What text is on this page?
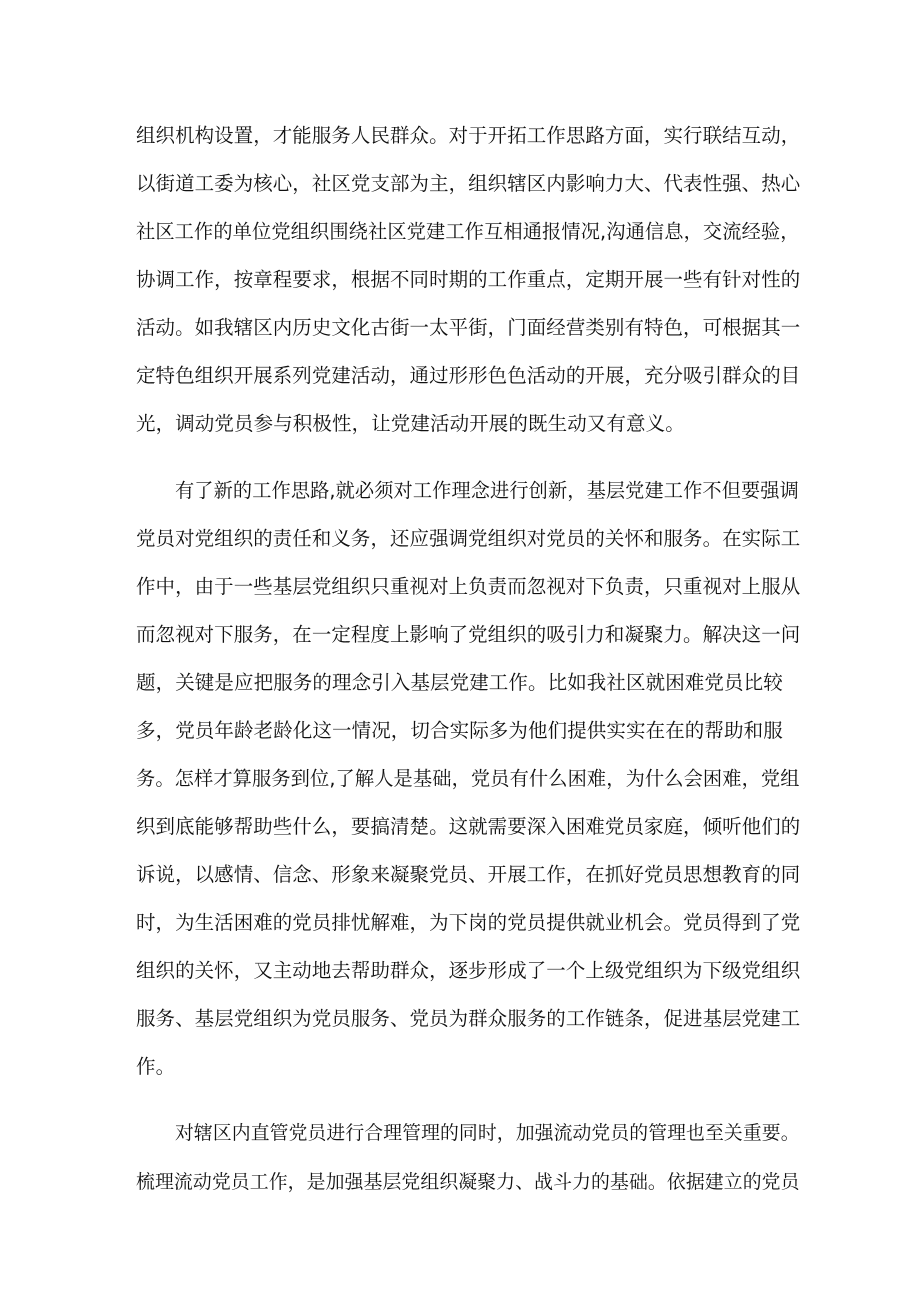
组织机构设置，才能服务人民群众。对于开拓工作思路方面，实行联结互动，
以街道工委为核心，社区党支部为主，组织辖区内影响力大、代表性强、热心
社区工作的单位党组织围绕社区党建工作互相通报情况,沟通信息，交流经验，
协调工作，按章程要求，根据不同时期的工作重点，定期开展一些有针对性的
活动。如我辖区内历史文化古街一太平街，门面经营类别有特色，可根据其一
定特色组织开展系列党建活动，通过形形色色活动的开展，充分吸引群众的目
光，调动党员参与积极性，让党建活动开展的既生动又有意义。
有了新的工作思路,就必须对工作理念进行创新，基层党建工作不但要强调
党员对党组织的责任和义务，还应强调党组织对党员的关怀和服务。在实际工
作中，由于一些基层党组织只重视对上负责而忽视对下负责，只重视对上服从
而忽视对下服务，在一定程度上影响了党组织的吸引力和凝聚力。解决这一问
题，关键是应把服务的理念引入基层党建工作。比如我社区就困难党员比较
多，党员年龄老龄化这一情况，切合实际多为他们提供实实在在的帮助和服
务。怎样才算服务到位,了解人是基础，党员有什么困难，为什么会困难，党组
织到底能够帮助些什么，要搞清楚。这就需要深入困难党员家庭，倾听他们的
诉说，以感情、信念、形象来凝聚党员、开展工作，在抓好党员思想教育的同
时，为生活困难的党员排忧解难，为下岗的党员提供就业机会。党员得到了党
组织的关怀，又主动地去帮助群众，逐步形成了一个上级党组织为下级党组织
服务、基层党组织为党员服务、党员为群众服务的工作链条，促进基层党建工
作。
对辖区内直管党员进行合理管理的同时，加强流动党员的管理也至关重要。
梳理流动党员工作，是加强基层党组织凝聚力、战斗力的基础。依据建立的党员
